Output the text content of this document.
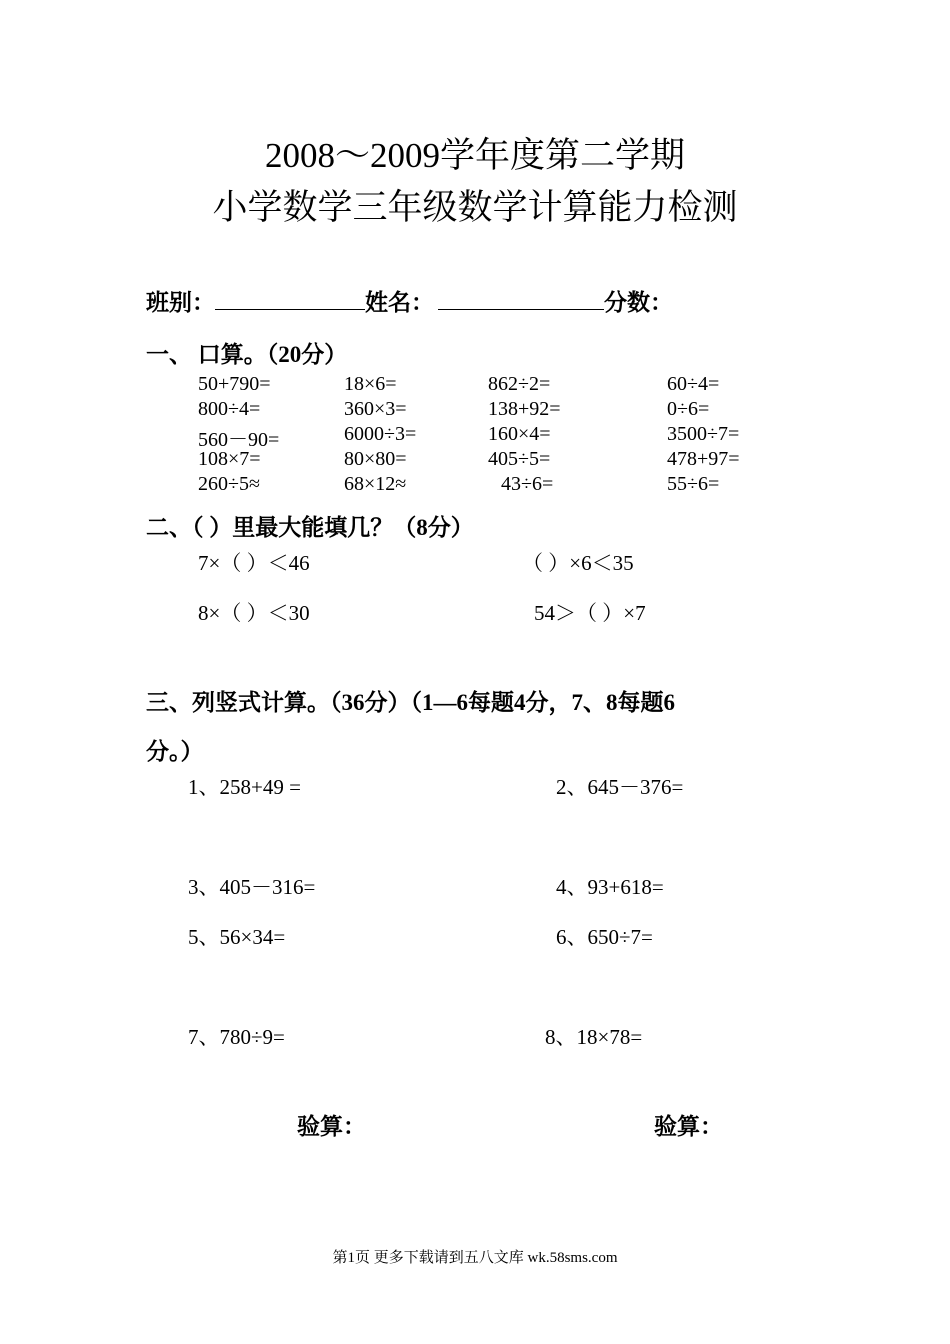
2008～2009学年度第二学期
小学数学三年级数学计算能力检测
班别：	姓名：	分数：
一、 口算。（20分）
50+790=	18×6=	862÷2=	60÷4=
800÷4=	360×3=	138+92=	0÷6=
560－90=	6000÷3=	160×4=	3500÷7=
108×7=	80×80=	405÷5=	478+97=
260÷5≈	68×12≈	43÷6=	55÷6=
二、（ ）里最大能填几？（8分）
7×（ ）＜46	（ ）×6＜35
8×（ ）＜30	54＞（ ）×7
三、列竖式计算。（36分）（1—6每题4分，7、8每题6
分。）
1、258+49 =	2、645－376=
3、405－316=	4、93+618=
5、56×34=	6、650÷7=
7、780÷9=	8、18×78=
验算：	验算：
第1页 更多下载请到五八文库 wk.58sms.com
